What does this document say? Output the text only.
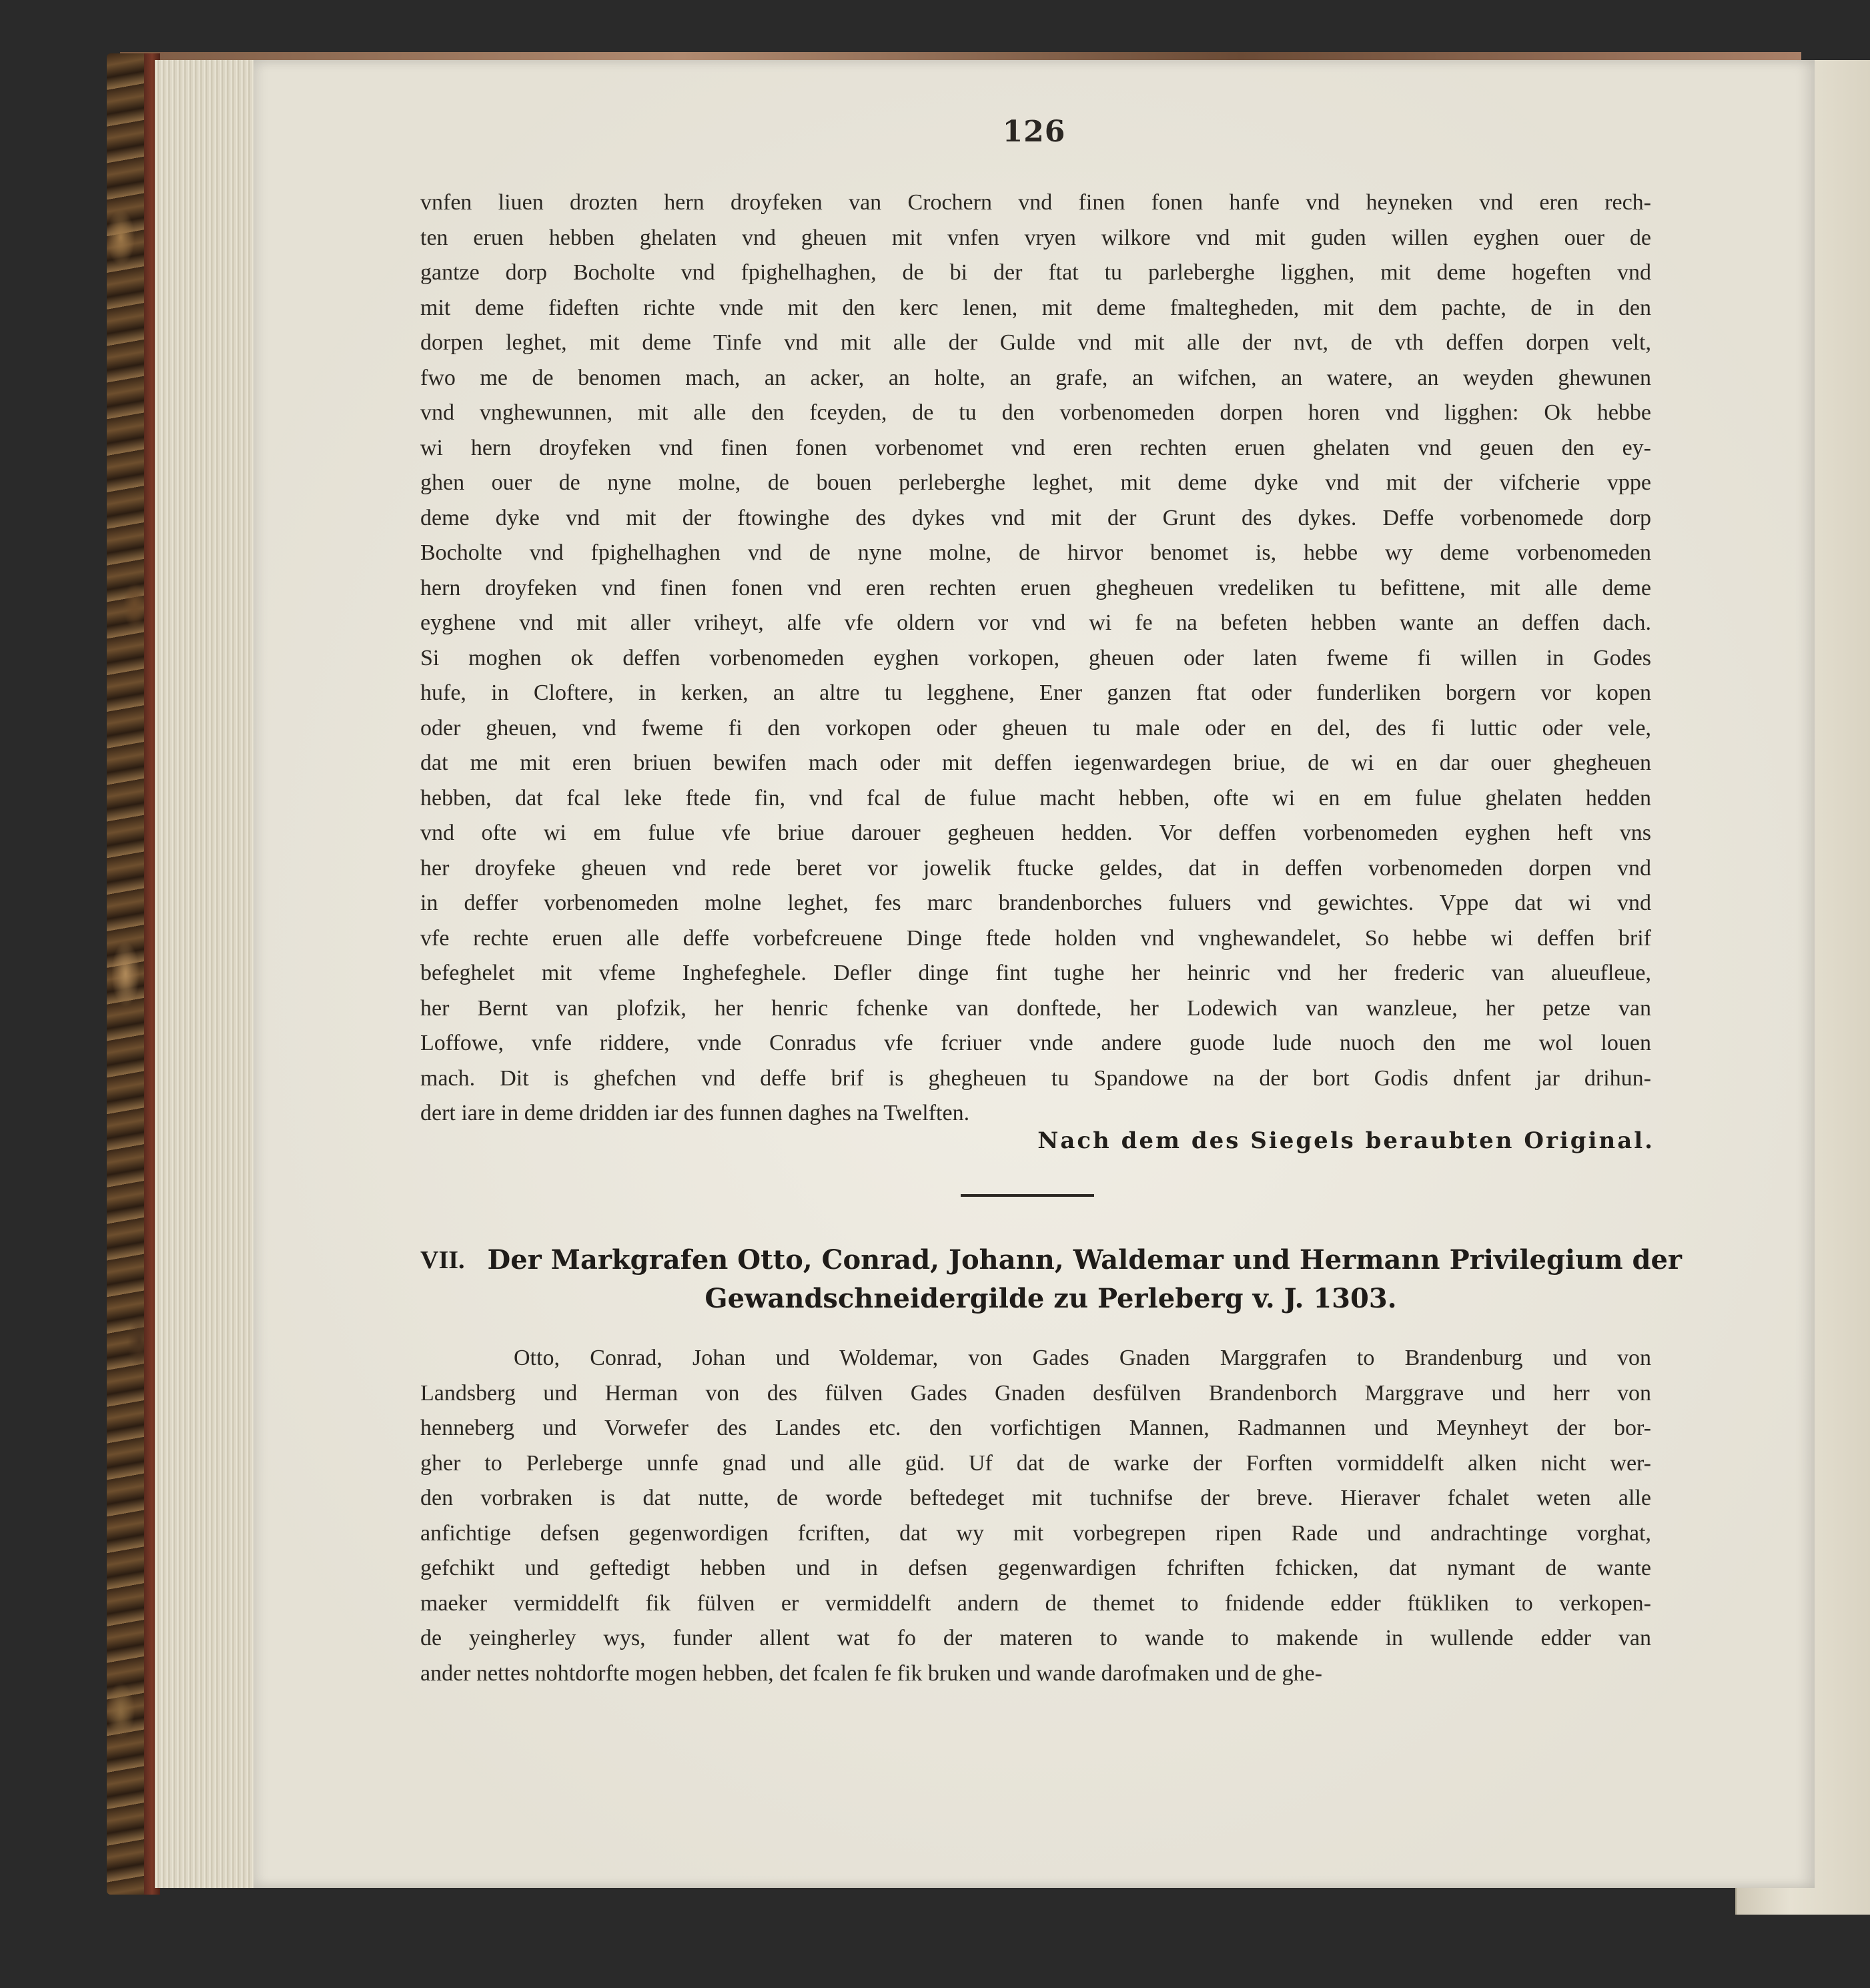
126
vnfen liuen drozten hern droyfeken van Crochern vnd finen fonen hanfe vnd heyneken vnd eren rech-
ten eruen hebben ghelaten vnd gheuen mit vnfen vryen wilkore vnd mit guden willen eyghen ouer de
gantze dorp Bocholte vnd fpighelhaghen, de bi der ftat tu parleberghe ligghen, mit deme hogeften vnd
mit deme fideften richte vnde mit den kerc lenen, mit deme fmaltegheden, mit dem pachte, de in den
dorpen leghet, mit deme Tinfe vnd mit alle der Gulde vnd mit alle der nvt, de vth deffen dorpen velt,
fwo me de benomen mach, an acker, an holte, an grafe, an wifchen, an watere, an weyden ghewunen
vnd vnghewunnen, mit alle den fceyden, de tu den vorbenomeden dorpen horen vnd ligghen: Ok hebbe
wi hern droyfeken vnd finen fonen vorbenomet vnd eren rechten eruen ghelaten vnd geuen den ey-
ghen ouer de nyne molne, de bouen perleberghe leghet, mit deme dyke vnd mit der vifcherie vppe
deme dyke vnd mit der ftowinghe des dykes vnd mit der Grunt des dykes. Deffe vorbenomede dorp
Bocholte vnd fpighelhaghen vnd de nyne molne, de hirvor benomet is, hebbe wy deme vorbenomeden
hern droyfeken vnd finen fonen vnd eren rechten eruen ghegheuen vredeliken tu befittene, mit alle deme
eyghene vnd mit aller vriheyt, alfe vfe oldern vor vnd wi fe na befeten hebben wante an deffen dach.
Si moghen ok deffen vorbenomeden eyghen vorkopen, gheuen oder laten fweme fi willen in Godes
hufe, in Cloftere, in kerken, an altre tu legghene, Ener ganzen ftat oder funderliken borgern vor kopen
oder gheuen, vnd fweme fi den vorkopen oder gheuen tu male oder en del, des fi luttic oder vele,
dat me mit eren briuen bewifen mach oder mit deffen iegenwardegen briue, de wi en dar ouer ghegheuen
hebben, dat fcal leke ftede fin, vnd fcal de fulue macht hebben, ofte wi en em fulue ghelaten hedden
vnd ofte wi em fulue vfe briue darouer gegheuen hedden. Vor deffen vorbenomeden eyghen heft vns
her droyfeke gheuen vnd rede beret vor jowelik ftucke geldes, dat in deffen vorbenomeden dorpen vnd
in deffer vorbenomeden molne leghet, fes marc brandenborches fuluers vnd gewichtes. Vppe dat wi vnd
vfe rechte eruen alle deffe vorbefcreuene Dinge ftede holden vnd vnghewandelet, So hebbe wi deffen brif
befeghelet mit vfeme Inghefeghele. Defler dinge fint tughe her heinric vnd her frederic van alueufleue,
her Bernt van plofzik, her henric fchenke van donftede, her Lodewich van wanzleue, her petze van
Loffowe, vnfe riddere, vnde Conradus vfe fcriuer vnde andere guode lude nuoch den me wol louen
mach. Dit is ghefchen vnd deffe brif is ghegheuen tu Spandowe na der bort Godis dnfent jar drihun-
dert iare in deme dridden iar des funnen daghes na Twelften.
Nach dem des Siegels beraubten Original.
VII. Der Markgrafen Otto, Conrad, Johann, Waldemar und Hermann Privilegium der
Gewandschneidergilde zu Perleberg v. J. 1303.
Otto, Conrad, Johan und Woldemar, von Gades Gnaden Marggrafen to Brandenburg und von
Landsberg und Herman von des fülven Gades Gnaden desfülven Brandenborch Marggrave und herr von
henneberg und Vorwefer des Landes etc. den vorfichtigen Mannen, Radmannen und Meynheyt der bor-
gher to Perleberge unnfe gnad und alle güd. Uf dat de warke der Forften vormiddelft alken nicht wer-
den vorbraken is dat nutte, de worde beftedeget mit tuchnifse der breve. Hieraver fchalet weten alle
anfichtige defsen gegenwordigen fcriften, dat wy mit vorbegrepen ripen Rade und andrachtinge vorghat,
gefchikt und geftedigt hebben und in defsen gegenwardigen fchriften fchicken, dat nymant de wante
maeker vermiddelft fik fülven er vermiddelft andern de themet to fnidende edder ftükliken to verkopen-
de yeingherley wys, funder allent wat fo der materen to wande to makende in wullende edder van
ander nettes nohtdorfte mogen hebben, det fcalen fe fik bruken und wande darofmaken und de ghe-
